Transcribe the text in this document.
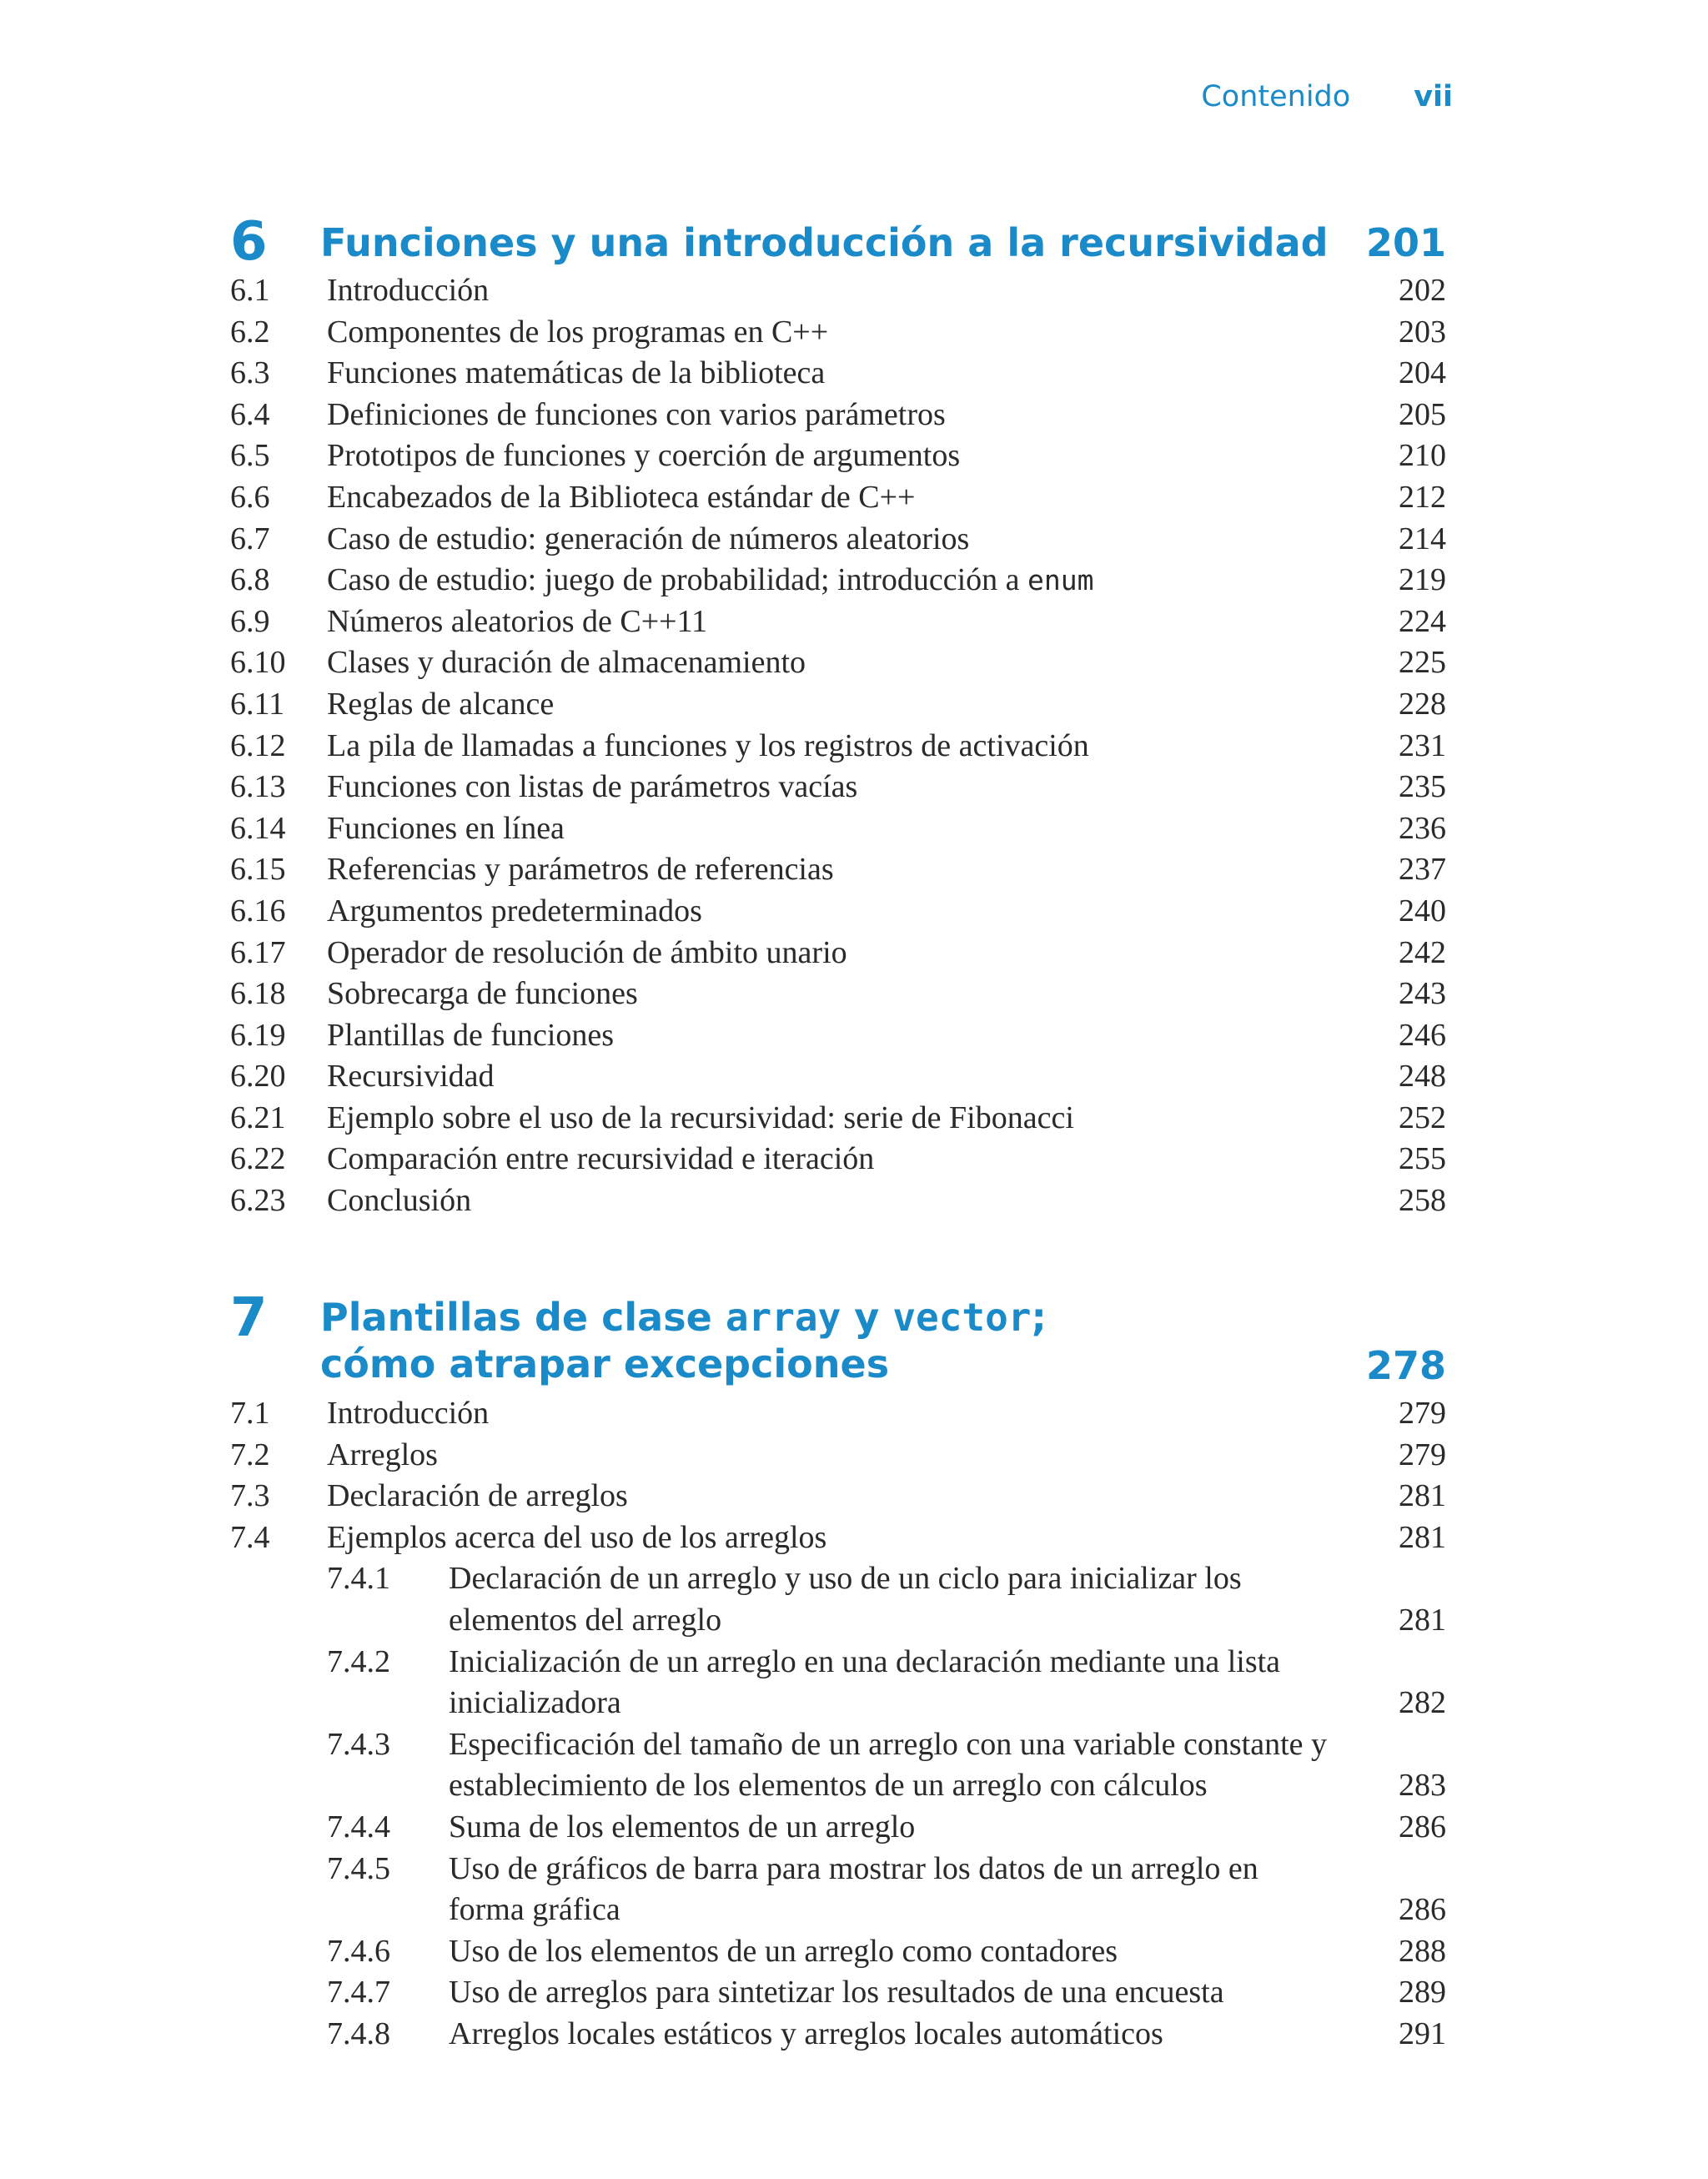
Contenido vii
6 Funciones y una introducción a la recursividad 201
6.1 Introducción	202
6.2 Componentes de los programas en C++	203
6.3 Funciones matemáticas de la biblioteca	204
6.4 Definiciones de funciones con varios parámetros	205
6.5 Prototipos de funciones y coerción de argumentos	210
6.6 Encabezados de la Biblioteca estándar de C++	212
6.7 Caso de estudio: generación de números aleatorios	214
6.8 Caso de estudio: juego de probabilidad; introducción a enum	219
6.9 Números aleatorios de C++11	224
6.10 Clases y duración de almacenamiento	225
6.11 Reglas de alcance	228
6.12 La pila de llamadas a funciones y los registros de activación	231
6.13 Funciones con listas de parámetros vacías	235
6.14 Funciones en línea	236
6.15 Referencias y parámetros de referencias	237
6.16 Argumentos predeterminados	240
6.17 Operador de resolución de ámbito unario	242
6.18 Sobrecarga de funciones	243
6.19 Plantillas de funciones	246
6.20 Recursividad	248
6.21 Ejemplo sobre el uso de la recursividad: serie de Fibonacci	252
6.22 Comparación entre recursividad e iteración	255
6.23 Conclusión	258
7 Plantillas de clase array y vector;
cómo atrapar excepciones	278
7.1 Introducción	279
7.2 Arreglos	279
7.3 Declaración de arreglos	281
7.4 Ejemplos acerca del uso de los arreglos	281
7.4.1 Declaración de un arreglo y uso de un ciclo para inicializar los elementos del arreglo	281
7.4.2 Inicialización de un arreglo en una declaración mediante una lista inicializadora	282
7.4.3 Especificación del tamaño de un arreglo con una variable constante y establecimiento de los elementos de un arreglo con cálculos	283
7.4.4 Suma de los elementos de un arreglo	286
7.4.5 Uso de gráficos de barra para mostrar los datos de un arreglo en forma gráfica	286
7.4.6 Uso de los elementos de un arreglo como contadores	288
7.4.7 Uso de arreglos para sintetizar los resultados de una encuesta	289
7.4.8 Arreglos locales estáticos y arreglos locales automáticos	291
